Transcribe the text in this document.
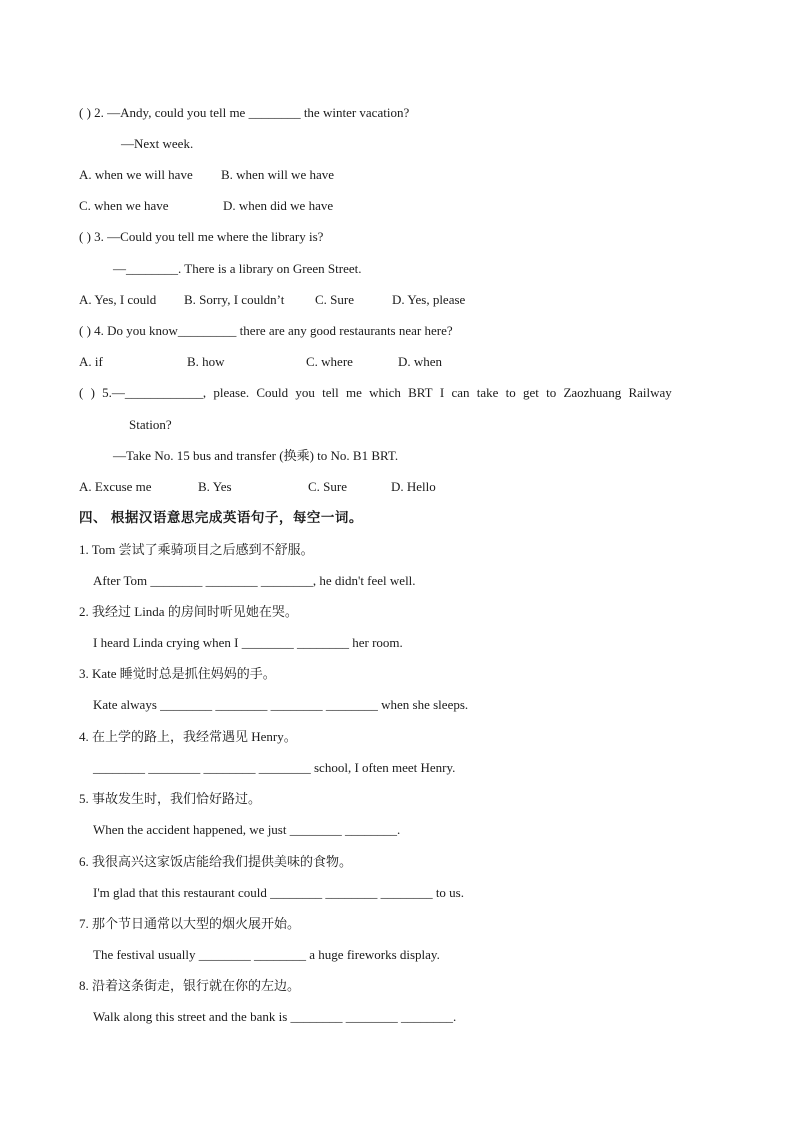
( ) 2. —Andy, could you tell me ________ the winter vacation?
—Next week.
A. when we will have B. when will we have
C. when we have	D. when did we have
( ) 3. —Could you tell me where the library is?
—________. There is a library on Green Street.
A. Yes, I could B. Sorry, I couldn’t C. Sure	D. Yes, please
( ) 4. Do you know_________ there are any good restaurants near here?
A. if	B. how	C. where	D. when
( ) 5.—____________, please. Could you tell me which BRT I can take to get to Zaozhuang Railway
Station?
—Take No. 15 bus and transfer (换乘) to No. B1 BRT.
A. Excuse me	B. Yes	C. Sure	D. Hello
四、 根据汉语意思完成英语句子，每空一词。
1. Tom 尝试了乘骑项目之后感到不舒服。
After Tom ________ ________ ________, he didn't feel well.
2. 我经过 Linda 的房间时听见她在哭。
I heard Linda crying when I ________ ________ her room.
3. Kate 睡觉时总是抓住妈妈的手。
Kate always ________ ________ ________ ________ when she sleeps.
4. 在上学的路上，我经常遇见 Henry。
________ ________ ________ ________ school, I often meet Henry.
5. 事故发生时，我们恰好路过。
When the accident happened, we just ________ ________.
6. 我很高兴这家饭店能给我们提供美味的食物。
I'm glad that this restaurant could ________ ________ ________ to us.
7. 那个节日通常以大型的烟火展开始。
The festival usually ________ ________ a huge fireworks display.
8. 沿着这条街走，银行就在你的左边。
Walk along this street and the bank is ________ ________ ________.
